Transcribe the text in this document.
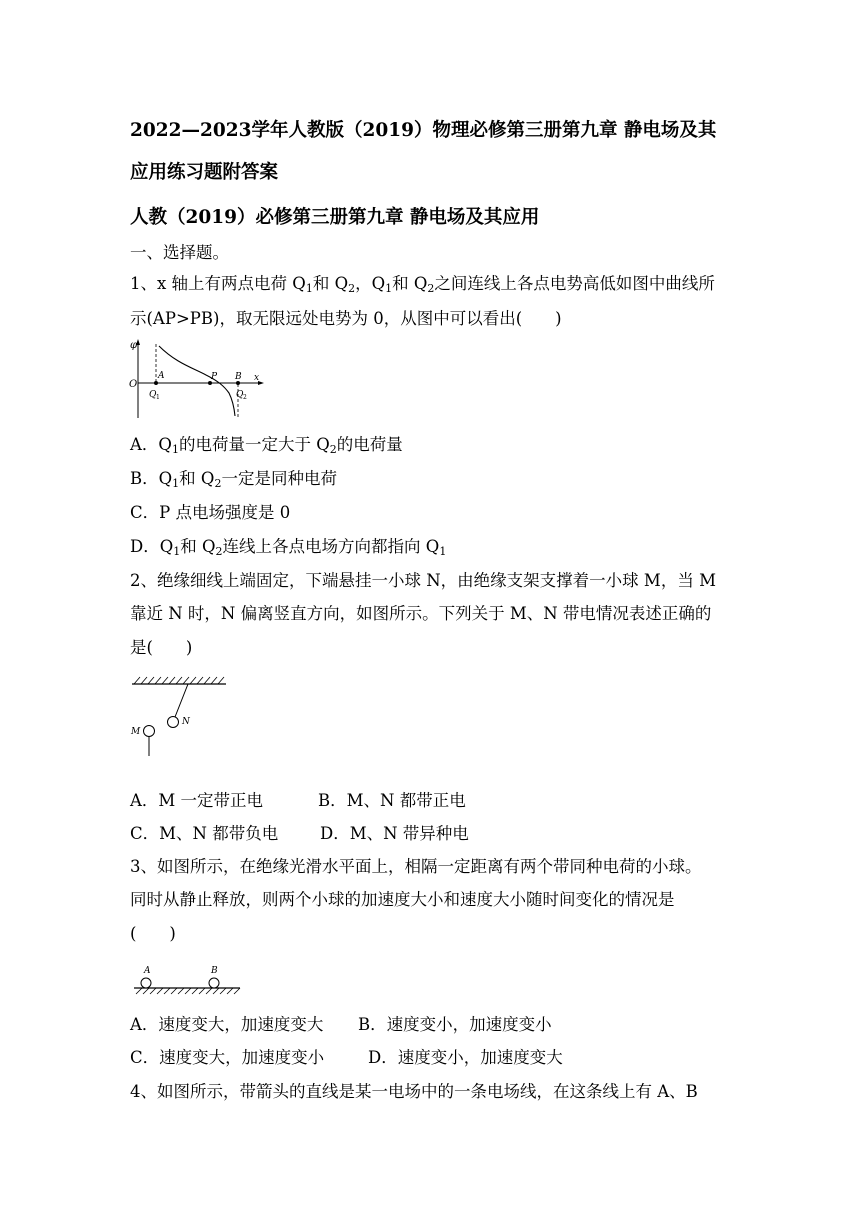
2022—2023学年人教版（2019）物理必修第三册第九章 静电场及其
应用练习题附答案
人教（2019）必修第三册第九章 静电场及其应用
一、选择题。
1、x 轴上有两点电荷 $Q_1$和 $Q_2$，$Q_1$和 $Q_2$之间连线上各点电势高低如图中曲线所
示(AP>PB)，取无限远处电势为 0，从图中可以看出(　　)
φ
O
A	P B x
Q 1	Q 2
A．$Q_1$的电荷量一定大于 $Q_2$的电荷量
B．$Q_1$和 $Q_2$一定是同种电荷
C．P 点电场强度是 0
D．$Q_1$和 $Q_2$连线上各点电场方向都指向 $Q_1$
2、绝缘细线上端固定，下端悬挂一小球 N，由绝缘支架支撑着一小球 M，当 M
靠近 N 时，N 偏离竖直方向，如图所示。下列关于 M、N 带电情况表述正确的
是(　　)
N
M
A．M 一定带正电	B．M、N 都带正电
C．M、N 都带负电	D．M、N 带异种电
3、如图所示，在绝缘光滑水平面上，相隔一定距离有两个带同种电荷的小球。
同时从静止释放，则两个小球的加速度大小和速度大小随时间变化的情况是
(　　)
A	B
A．速度变大，加速度变大 B．速度变小，加速度变小
C．速度变大，加速度变小	D．速度变小，加速度变大
4、如图所示，带箭头的直线是某一电场中的一条电场线，在这条线上有 A、B
